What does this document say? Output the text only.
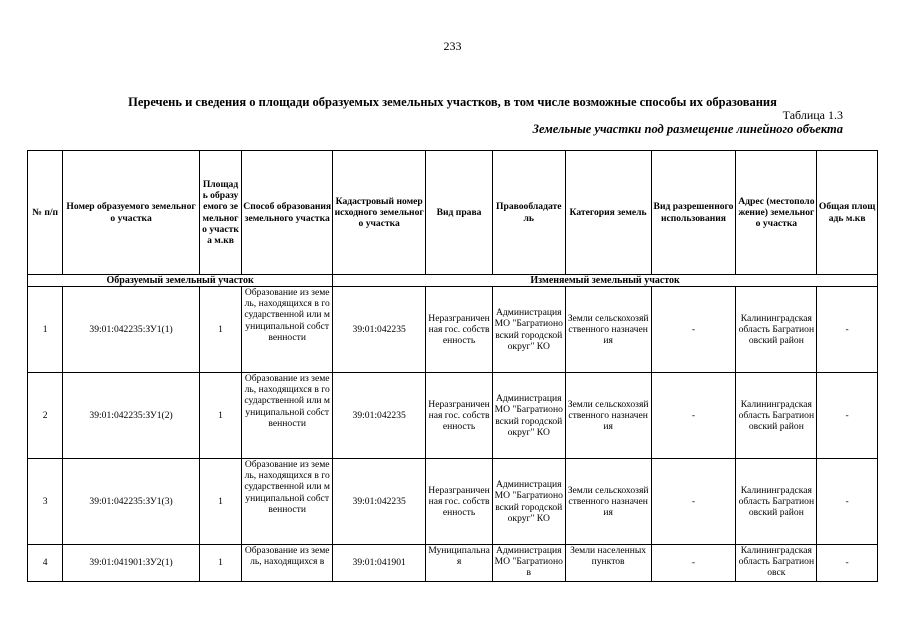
233
Перечень и сведения о площади образуемых земельных участков, в том числе возможные способы их образования
Таблица 1.3
Земельные участки под размещение линейного объекта
№ п/п	Номер образуемого земельного участка	Площадь образуемого земельного участка м.кв	Способ образования земельного участка	Кадастровый номер исходного земельного участка	Вид права	Правообладатель	Категория земель	Вид разрешенного использования	Адрес (местоположение) земельного участка	Общая площадь м.кв
Образуемый земельный участок				Изменяемый земельный участок						
1	39:01:042235:ЗУ1(1)	1	Образование из земель, находящихся в государственной или муниципальной собственности	39:01:042235	Неразграниченная гос. собственность	Администрация МО "Багратионовский городской округ" КО	Земли сельскохозяйственного назначения	-	Калининградская область Багратионовский район	-
2	39:01:042235:ЗУ1(2)	1	Образование из земель, находящихся в государственной или муниципальной собственности	39:01:042235	Неразграниченная гос. собственность	Администрация МО "Багратионовский городской округ" КО	Земли сельскохозяйственного назначения	-	Калининградская область Багратионовский район	-
3	39:01:042235:ЗУ1(3)	1	Образование из земель, находящихся в государственной или муниципальной собственности	39:01:042235	Неразграниченная гос. собственность	Администрация МО "Багратионовский городской округ" КО	Земли сельскохозяйственного назначения	-	Калининградская область Багратионовский район	-
4	39:01:041901:ЗУ2(1)	1	Образование из земель, находящихся в	39:01:041901	Муниципальная	Администрация МО "Багратионов	Земли населенных пунктов	-	Калининградская область Багратионовск	-
